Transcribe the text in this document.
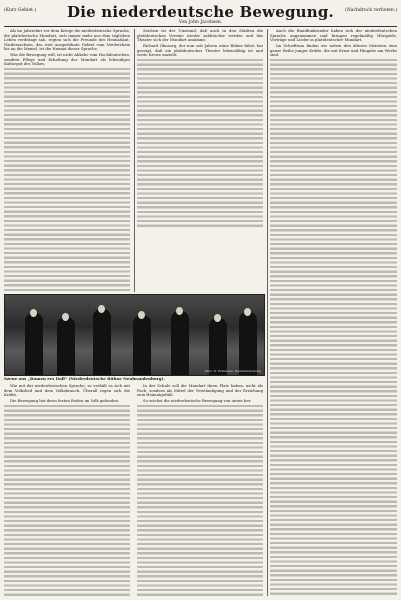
(Kurz Gebiet.)	(Nachdruck verboten.)
Die niederdeutsche Bewegung.
Von John Jacobsen.

Als im Jahrzehnt vor dem Kriege die niederdeutsche Sprache, die plattdeutsche Mundart, sich immer mehr aus dem täglichen Leben verdrängt sah, regten sich die Freunde des Heimatlaut. Niedersachsen, das weit ausgedehnte Gebiet vom Niederrhein bis an die Memel, ist die Heimat dieser Sprache.

Was die Bewegung will, ist nicht Abkehr vom Hochdeutschen, sondern Pflege und Erhaltung der Mundart als lebendiges Kulturgut des Volkes.

Zeichen ist der Umstand, daß auch in den Städten die plattdeutschen Vereine wieder zahlreicher werden und das Theater sich der Mundart annimmt.

Richard Ohnsorg, der nun seit Jahren seine Bühne führt, hat gezeigt, daß ein plattdeutsches Theater lebensfähig ist und weite Kreise anzieht.

Auch die Rundfunksender haben sich der niederdeutschen Sprache angenommen und bringen regelmäßig Hörspiele, Vorträge und Lieder in plattdeutscher Mundart.

Im Schrifttum finden wir neben den älteren Meistern eine ganze Reihe junger Kräfte, die mit Ernst und Hingabe am Werke sind.

Phot. N. Hollmann, Neubrandenburg
Szene aus „Rumen ers Doll“ (Niederdeutsche Bühne Neubrandenburg).

Wie mit der niederdeutschen Sprache, so verhält es sich mit dem Volkslied und dem Volksbrauch. Überall regen sich die Kräfte.

Die Bewegung hat ihren festen Boden im Volk gefunden.

In der Schule soll die Mundart ihren Platz haben, nicht als Fach, sondern als Mittel der Verständigung und der Erziehung zum Heimatgefühl.

So wächst die niederdeutsche Bewegung von unten her.
